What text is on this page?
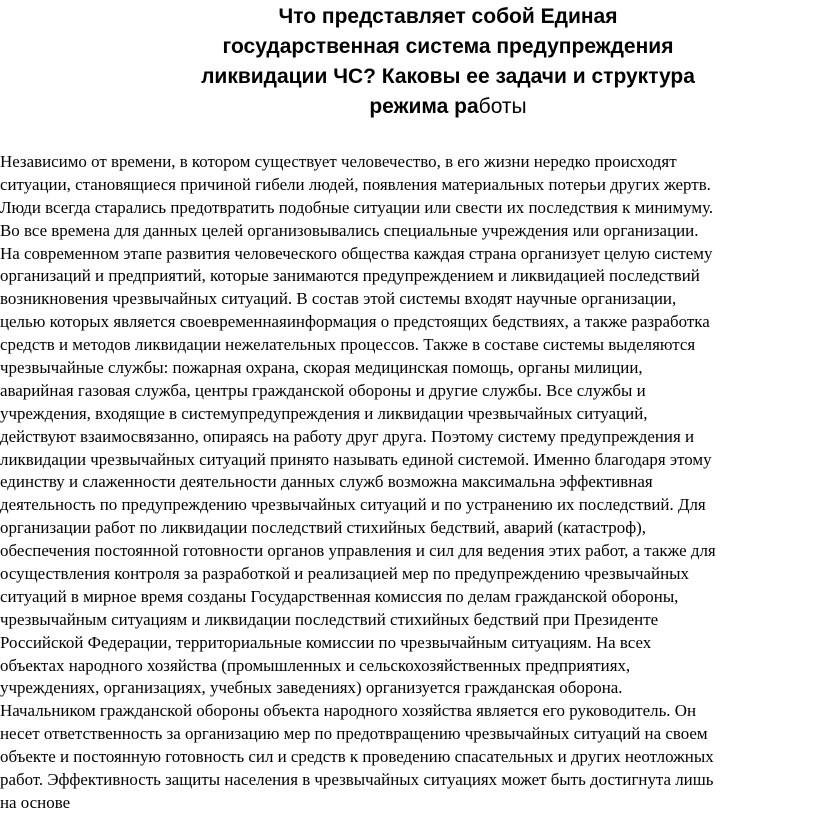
Что представляет собой Единая
государственная система предупреждения
ликвидации ЧС? Каковы ее задачи и структура
режима работы
Независимо от времени, в котором существует человечество, в его жизни нередко происходят
ситуации, становящиеся причиной гибели людей, появления материальных потерьи других жертв.
Люди всегда старались предотвратить подобные ситуации или свести их последствия к минимуму.
Во все времена для данных целей организовывались специальные учреждения или организации.
На современном этапе развития человеческого общества каждая страна организует целую систему
организаций и предприятий, которые занимаются предупреждением и ликвидацией последствий
возникновения чрезвычайных ситуаций. В состав этой системы входят научные организации,
целью которых является своевременнаяинформация о предстоящих бедствиях, а также разработка
средств и методов ликвидации нежелательных процессов. Также в составе системы выделяются
чрезвычайные службы: пожарная охрана, скорая медицинская помощь, органы милиции,
аварийная газовая служба, центры гражданской обороны и другие службы. Все службы и
учреждения, входящие в системупредупреждения и ликвидации чрезвычайных ситуаций,
действуют взаимосвязанно, опираясь на работу друг друга. Поэтому систему предупреждения и
ликвидации чрезвычайных ситуаций принято называть единой системой. Именно благодаря этому
единству и слаженности деятельности данных служб возможна максимальна эффективная
деятельность по предупреждению чрезвычайных ситуаций и по устранению их последствий. Для
организации работ по ликвидации последствий стихийных бедствий, аварий (катастроф),
обеспечения постоянной готовности органов управления и сил для ведения этих работ, а также для
осуществления контроля за разработкой и реализацией мер по предупреждению чрезвычайных
ситуаций в мирное время созданы Государственная комиссия по делам гражданской обороны,
чрезвычайным ситуациям и ликвидации последствий стихийных бедствий при Президенте
Российской Федерации, территориальные комиссии по чрезвычайным ситуациям. На всех
объектах народного хозяйства (промышленных и сельскохозяйственных предприятиях,
учреждениях, организациях, учебных заведениях) организуется гражданская оборона.
Начальником гражданской обороны объекта народного хозяйства является его руководитель. Он
несет ответственность за организацию мер по предотвращению чрезвычайных ситуаций на своем
объекте и постоянную готовность сил и средств к проведению спасательных и других неотложных
работ. Эффективность защиты населения в чрезвычайных ситуациях может быть достигнута лишь
на основе
